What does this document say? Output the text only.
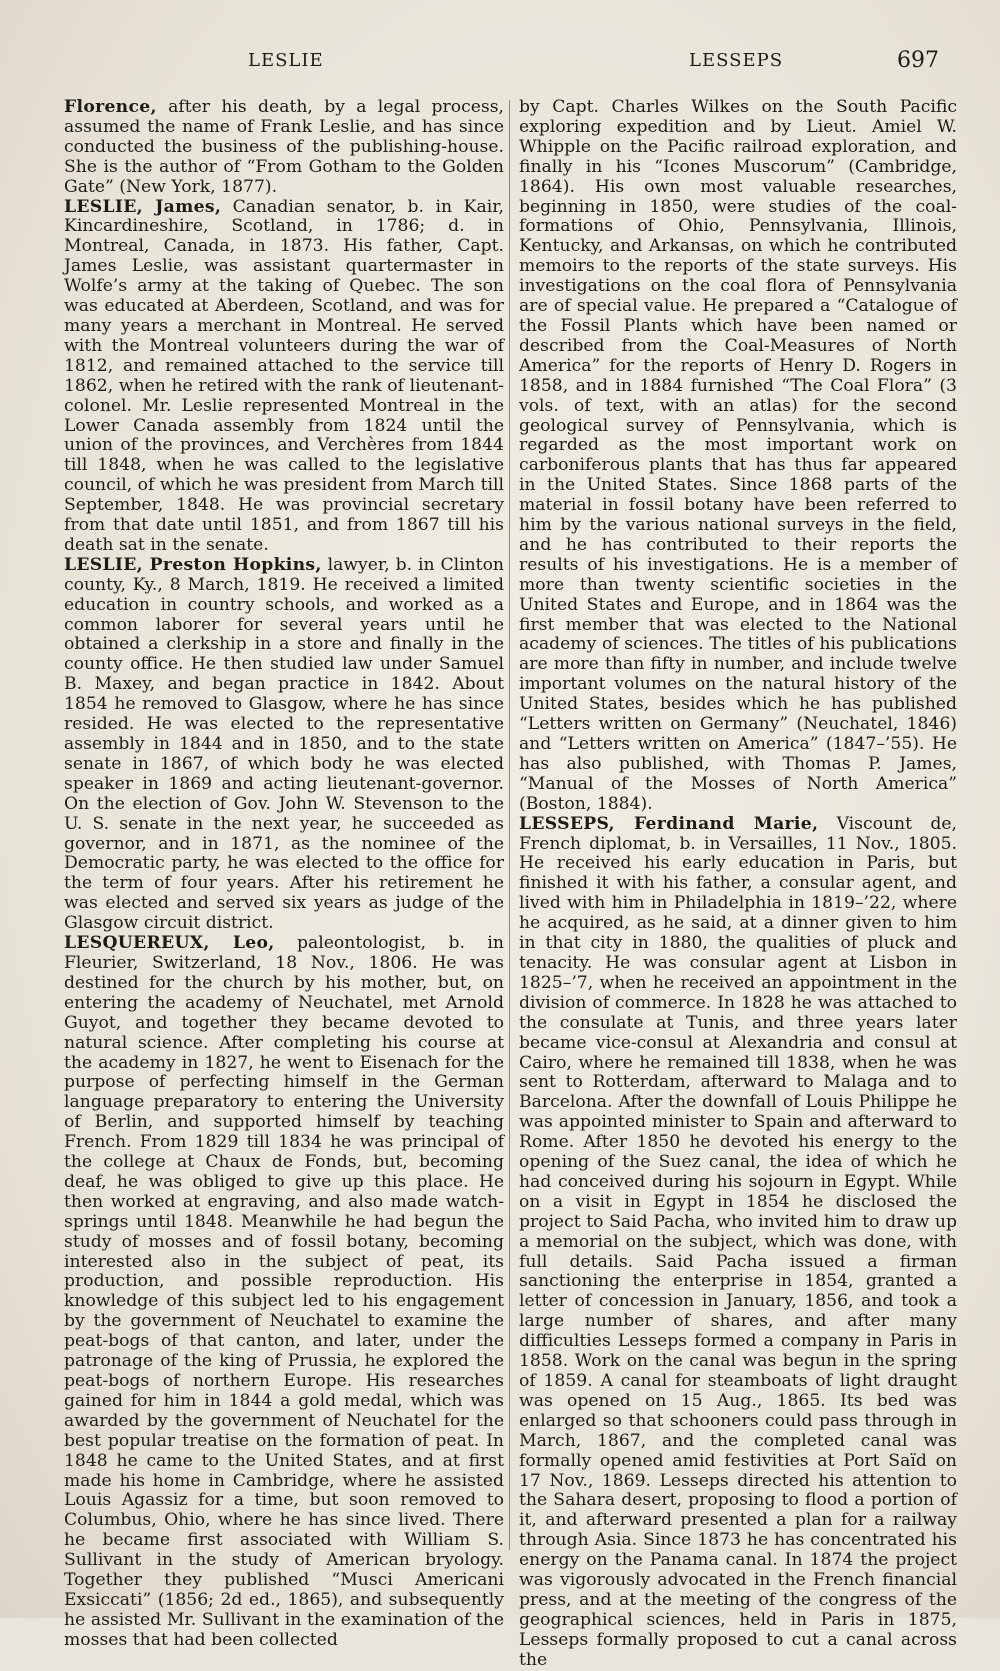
LESLIE	LESSEPS	697

Florence, after his death, by a legal process, assumed the name of Frank Leslie, and has since conducted the business of the publishing-house. She is the author of “From Gotham to the Golden Gate” (New York, 1877).

LESLIE, James, Canadian senator, b. in Kair, Kincardineshire, Scotland, in 1786; d. in Montreal, Canada, in 1873. His father, Capt. James Leslie, was assistant quartermaster in Wolfe’s army at the taking of Quebec. The son was educated at Aberdeen, Scotland, and was for many years a merchant in Montreal. He served with the Montreal volunteers during the war of 1812, and remained attached to the service till 1862, when he retired with the rank of lieutenant-colonel. Mr. Leslie represented Montreal in the Lower Canada assembly from 1824 until the union of the provinces, and Verchères from 1844 till 1848, when he was called to the legislative council, of which he was president from March till September, 1848. He was provincial secretary from that date until 1851, and from 1867 till his death sat in the senate.

LESLIE, Preston Hopkins, lawyer, b. in Clinton county, Ky., 8 March, 1819. He received a limited education in country schools, and worked as a common laborer for several years until he obtained a clerkship in a store and finally in the county office. He then studied law under Samuel B. Maxey, and began practice in 1842. About 1854 he removed to Glasgow, where he has since resided. He was elected to the representative assembly in 1844 and in 1850, and to the state senate in 1867, of which body he was elected speaker in 1869 and acting lieutenant-governor. On the election of Gov. John W. Stevenson to the U. S. senate in the next year, he succeeded as governor, and in 1871, as the nominee of the Democratic party, he was elected to the office for the term of four years. After his retirement he was elected and served six years as judge of the Glasgow circuit district.

LESQUEREUX, Leo, paleontologist, b. in Fleurier, Switzerland, 18 Nov., 1806. He was destined for the church by his mother, but, on entering the academy of Neuchatel, met Arnold Guyot, and together they became devoted to natural science. After completing his course at the academy in 1827, he went to Eisenach for the purpose of perfecting himself in the German language preparatory to entering the University of Berlin, and supported himself by teaching French. From 1829 till 1834 he was principal of the college at Chaux de Fonds, but, becoming deaf, he was obliged to give up this place. He then worked at engraving, and also made watch-springs until 1848. Meanwhile he had begun the study of mosses and of fossil botany, becoming interested also in the subject of peat, its production, and possible reproduction. His knowledge of this subject led to his engagement by the government of Neuchatel to examine the peat-bogs of that canton, and later, under the patronage of the king of Prussia, he explored the peat-bogs of northern Europe. His researches gained for him in 1844 a gold medal, which was awarded by the government of Neuchatel for the best popular treatise on the formation of peat. In 1848 he came to the United States, and at first made his home in Cambridge, where he assisted Louis Agassiz for a time, but soon removed to Columbus, Ohio, where he has since lived. There he became first associated with William S. Sullivant in the study of American bryology. Together they published “Musci Americani Exsiccati” (1856; 2d ed., 1865), and subsequently he assisted Mr. Sullivant in the examination of the mosses that had been collected

by Capt. Charles Wilkes on the South Pacific exploring expedition and by Lieut. Amiel W. Whipple on the Pacific railroad exploration, and finally in his “Icones Muscorum” (Cambridge, 1864). His own most valuable researches, beginning in 1850, were studies of the coal-formations of Ohio, Pennsylvania, Illinois, Kentucky, and Arkansas, on which he contributed memoirs to the reports of the state surveys. His investigations on the coal flora of Pennsylvania are of special value. He prepared a “Catalogue of the Fossil Plants which have been named or described from the Coal-Measures of North America” for the reports of Henry D. Rogers in 1858, and in 1884 furnished “The Coal Flora” (3 vols. of text, with an atlas) for the second geological survey of Pennsylvania, which is regarded as the most important work on carboniferous plants that has thus far appeared in the United States. Since 1868 parts of the material in fossil botany have been referred to him by the various national surveys in the field, and he has contributed to their reports the results of his investigations. He is a member of more than twenty scientific societies in the United States and Europe, and in 1864 was the first member that was elected to the National academy of sciences. The titles of his publications are more than fifty in number, and include twelve important volumes on the natural history of the United States, besides which he has published “Letters written on Germany” (Neuchatel, 1846) and “Letters written on America” (1847–’55). He has also published, with Thomas P. James, “Manual of the Mosses of North America” (Boston, 1884).

LESSEPS, Ferdinand Marie, Viscount de, French diplomat, b. in Versailles, 11 Nov., 1805. He received his early education in Paris, but finished it with his father, a consular agent, and lived with him in Philadelphia in 1819–’22, where he acquired, as he said, at a dinner given to him in that city in 1880, the qualities of pluck and tenacity. He was consular agent at Lisbon in 1825–’7, when he received an appointment in the division of commerce. In 1828 he was attached to the consulate at Tunis, and three years later became vice-consul at Alexandria and consul at Cairo, where he remained till 1838, when he was sent to Rotterdam, afterward to Malaga and to Barcelona. After the downfall of Louis Philippe he was appointed minister to Spain and afterward to Rome. After 1850 he devoted his energy to the opening of the Suez canal, the idea of which he had conceived during his sojourn in Egypt. While on a visit in Egypt in 1854 he disclosed the project to Said Pacha, who invited him to draw up a memorial on the subject, which was done, with full details. Said Pacha issued a firman sanctioning the enterprise in 1854, granted a letter of concession in January, 1856, and took a large number of shares, and after many difficulties Lesseps formed a company in Paris in 1858. Work on the canal was begun in the spring of 1859. A canal for steamboats of light draught was opened on 15 Aug., 1865. Its bed was enlarged so that schooners could pass through in March, 1867, and the completed canal was formally opened amid festivities at Port Saïd on 17 Nov., 1869. Lesseps directed his attention to the Sahara desert, proposing to flood a portion of it, and afterward presented a plan for a railway through Asia. Since 1873 he has concentrated his energy on the Panama canal. In 1874 the project was vigorously advocated in the French financial press, and at the meeting of the congress of the geographical sciences, held in Paris in 1875, Lesseps formally proposed to cut a canal across the
